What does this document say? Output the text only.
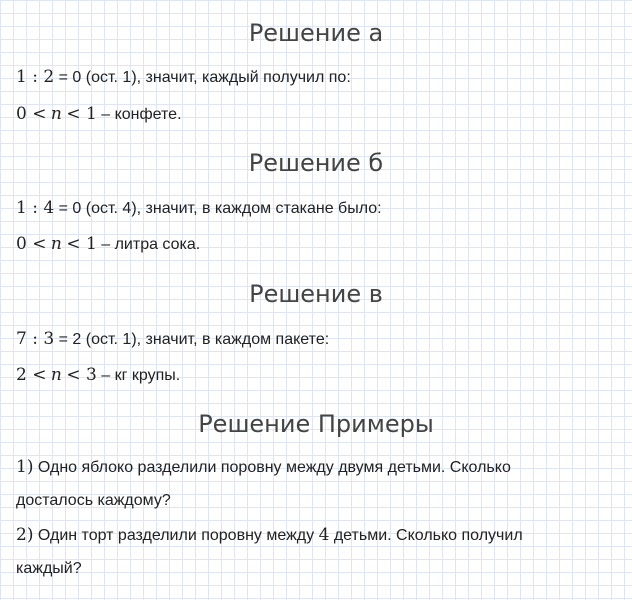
Решение а
1 : 2 = 0 (ост. 1), значит, каждый получил по:
0 < n < 1 – конфете.
Решение б
1 : 4 = 0 (ост. 4), значит, в каждом стакане было:
0 < n < 1 – литра сока.
Решение в
7 : 3 = 2 (ост. 1), значит, в каждом пакете:
2 < n < 3 – кг крупы.
Решение Примеры
1) Одно яблоко разделили поровну между двумя детьми. Сколько
досталось каждому?
2) Один торт разделили поровну между 4 детьми. Сколько получил
каждый?
